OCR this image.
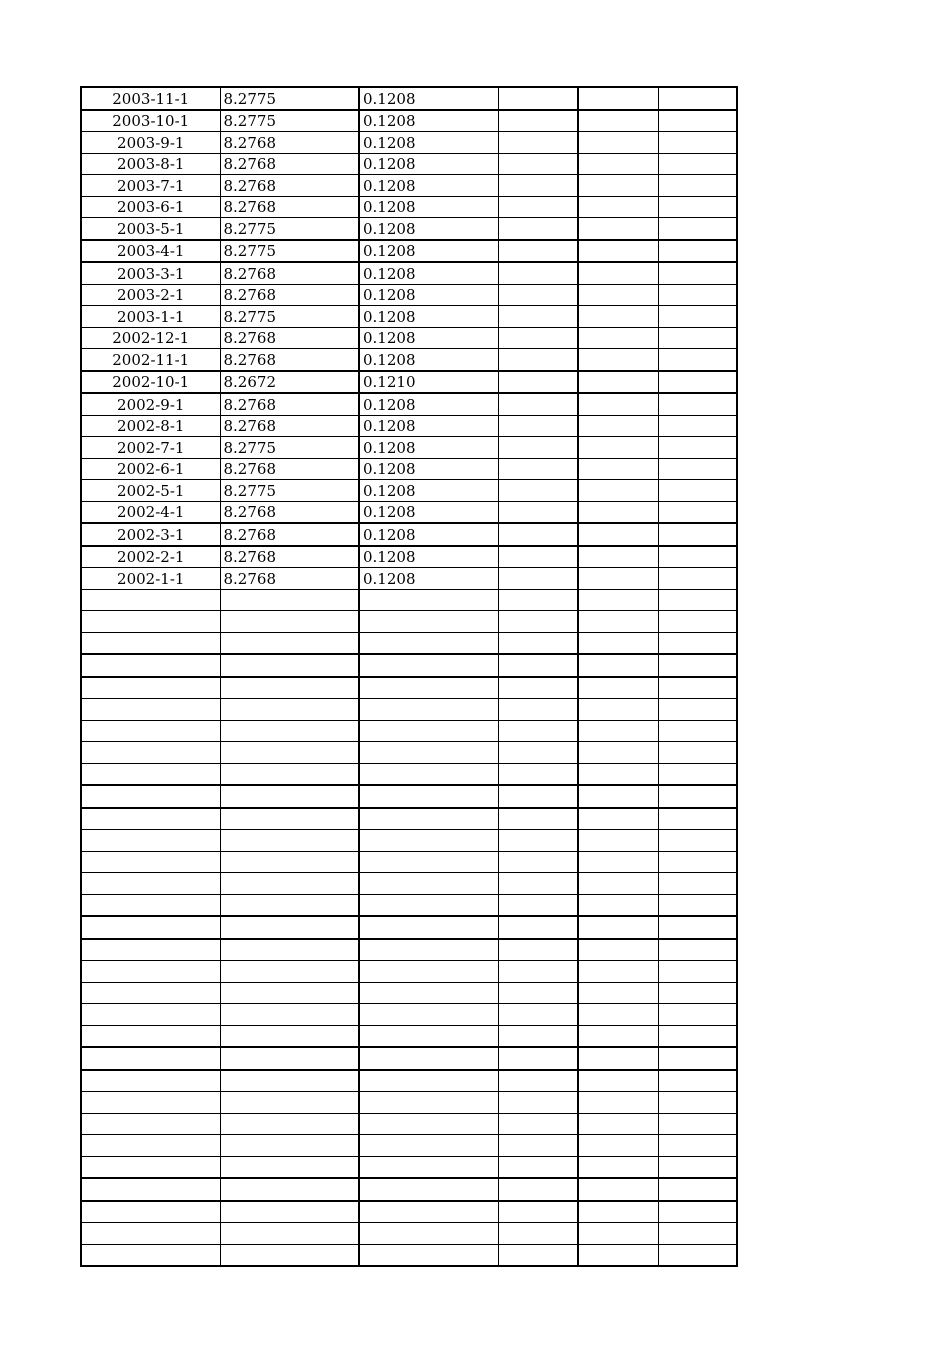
2003-11-1	8.2775	0.1208			
2003-10-1	8.2775	0.1208			
2003-9-1	8.2768	0.1208			
2003-8-1	8.2768	0.1208			
2003-7-1	8.2768	0.1208			
2003-6-1	8.2768	0.1208			
2003-5-1	8.2775	0.1208			
2003-4-1	8.2775	0.1208			
2003-3-1	8.2768	0.1208			
2003-2-1	8.2768	0.1208			
2003-1-1	8.2775	0.1208			
2002-12-1	8.2768	0.1208			
2002-11-1	8.2768	0.1208			
2002-10-1	8.2672	0.1210			
2002-9-1	8.2768	0.1208			
2002-8-1	8.2768	0.1208			
2002-7-1	8.2775	0.1208			
2002-6-1	8.2768	0.1208			
2002-5-1	8.2775	0.1208			
2002-4-1	8.2768	0.1208			
2002-3-1	8.2768	0.1208			
2002-2-1	8.2768	0.1208			
2002-1-1	8.2768	0.1208			
